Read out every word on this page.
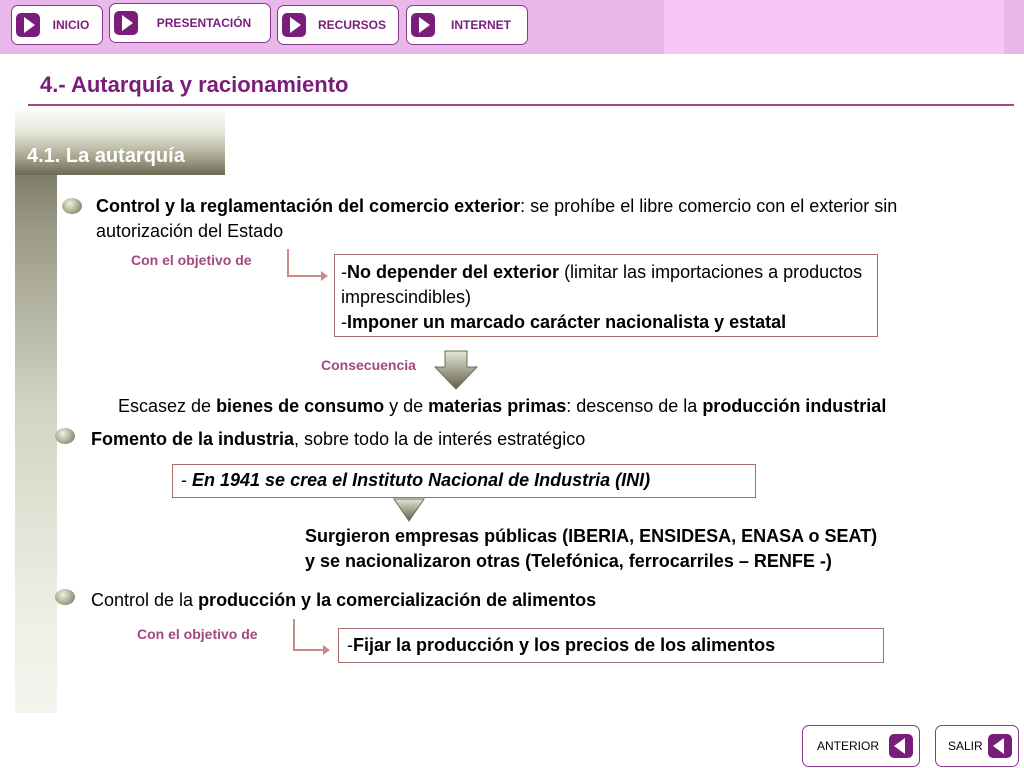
INICIO	PRESENTACIÓN	RECURSOS	INTERNET
4.- Autarquía y racionamiento
4.1. La autarquía
Control y la reglamentación del comercio exterior: se prohíbe el libre comercio con el exterior sin autorización del Estado
Con el objetivo de
-No depender del exterior (limitar las importaciones a productos imprescindibles)
-Imponer un marcado carácter nacionalista y estatal
Consecuencia
Escasez de bienes de consumo y de materias primas: descenso de la producción industrial
Fomento de la industria, sobre todo la de interés estratégico
- En 1941 se crea el Instituto Nacional de Industria (INI)
Surgieron empresas públicas (IBERIA, ENSIDESA, ENASA o SEAT)
y se nacionalizaron otras (Telefónica, ferrocarriles – RENFE -)
Control de la producción y la comercialización de alimentos
Con el objetivo de
-Fijar la producción y los precios de los alimentos
ANTERIOR	SALIR
